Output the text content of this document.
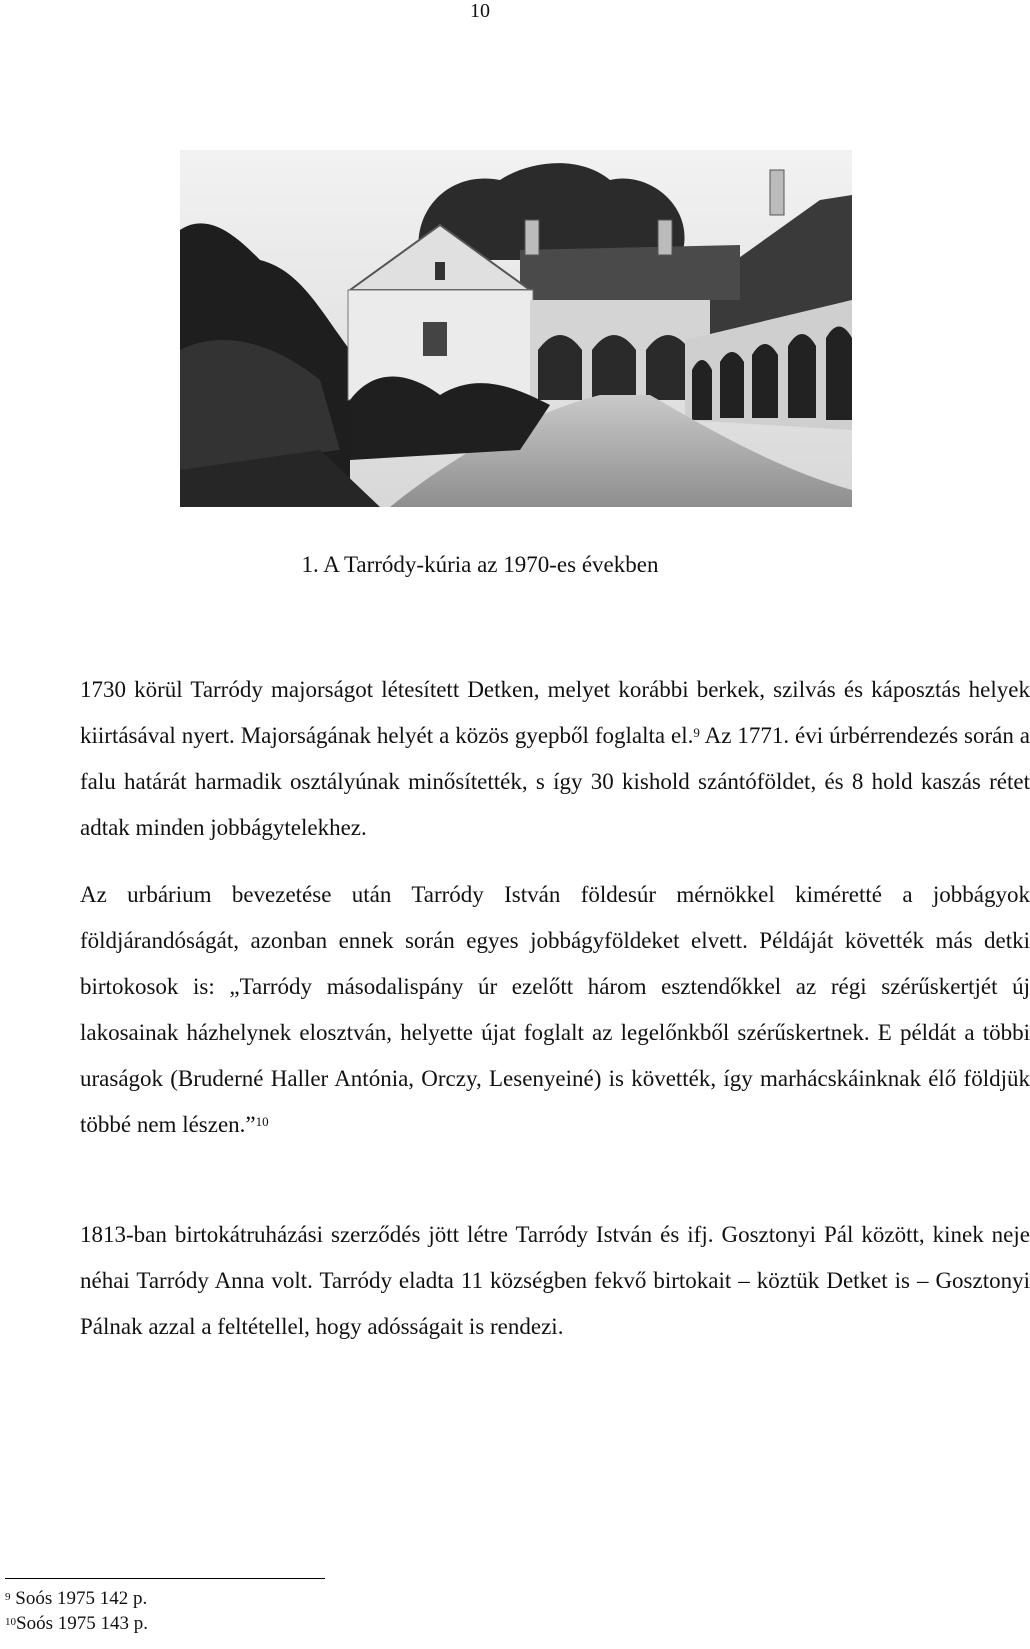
10
1. A Tarródy-kúria az 1970-es években

1730 körül Tarródy majorságot létesített Detken, melyet korábbi berkek, szilvás és káposztás helyek kiirtásával nyert. Majorságának helyét a közös gyepből foglalta el.$^9$ Az 1771. évi úrbérrendezés során a falu határát harmadik osztályúnak minősítették, s így 30 kishold szántóföldet, és 8 hold kaszás rétet adtak minden jobbágytelekhez.

Az urbárium bevezetése után Tarródy István földesúr mérnökkel kiméretté a jobbágyok földjárandóságát, azonban ennek során egyes jobbágyföldeket elvett. Példáját követték más detki birtokosok is: „Tarródy másodalispány úr ezelőtt három esztendőkkel az régi szérűskertjét új lakosainak házhelynek elosztván, helyette újat foglalt az legelőnkből szérűskertnek. E példát a többi uraságok (Bruderné Haller Antónia, Orczy, Lesenyeiné) is követték, így marhácskáinknak élő földjük többé nem lészen.”$^{10}$

1813-ban birtokátruházási szerződés jött létre Tarródy István és ifj. Gosztonyi Pál között, kinek neje néhai Tarródy Anna volt. Tarródy eladta 11 községben fekvő birtokait – köztük Detket is – Gosztonyi Pálnak azzal a feltétellel, hogy adósságait is rendezi.

$^9$ Soós 1975 142 p.
$^{10}$Soós 1975 143 p.
